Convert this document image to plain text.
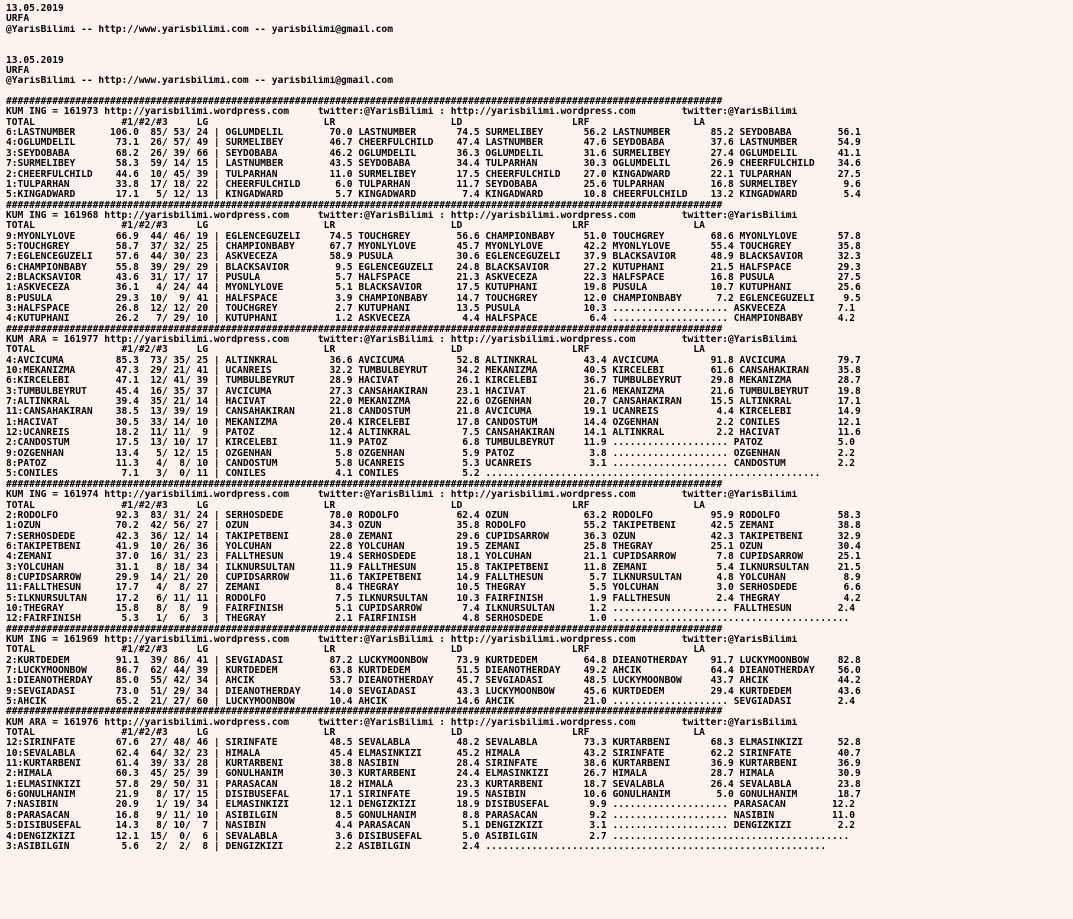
13.05.2019
URFA
@YarisBilimi -- http://www.yarisbilimi.com -- yarisbilimi@gmail.com

13.05.2019
URFA
@YarisBilimi -- http://www.yarisbilimi.com -- yarisbilimi@gmail.com

############################################################################################################################
KUM ING = 161973 http://yarisbilimi.wordpress.com     twitter:@YarisBilimi : http://yarisbilimi.wordpress.com        twitter:@YarisBilimi
TOTAL               #1/#2/#3     LG                    LR                    LD                   LRF                  LA
6:LASTNUMBER      106.0  85/ 53/ 24 | OGLUMDELIL        70.0 LASTNUMBER       74.5 SURMELIBEY       56.2 LASTNUMBER       85.2 SEYDOBABA        56.1
4:OGLUMDELIL       73.1  26/ 57/ 49 | SURMELIBEY        46.7 CHEERFULCHILD    47.4 LASTNUMBER       47.6 SEYDOBABA        37.6 LASTNUMBER       54.9
3:SEYDOBABA        68.2  26/ 39/ 66 | SEYDOBABA         46.2 OGLUMDELIL       36.3 OGLUMDELIL       31.6 SURMELIBEY       27.4 OGLUMDELIL       41.1
7:SURMELIBEY       58.3  59/ 14/ 15 | LASTNUMBER        43.5 SEYDOBABA        34.4 TULPARHAN        30.3 OGLUMDELIL       26.9 CHEERFULCHILD    34.6
2:CHEERFULCHILD    44.6  10/ 45/ 39 | TULPARHAN         11.0 SURMELIBEY       17.5 CHEERFULCHILD    27.0 KINGADWARD       22.1 TULPARHAN        27.5
1:TULPARHAN        33.8  17/ 18/ 22 | CHEERFULCHILD      6.0 TULPARHAN        11.7 SEYDOBABA        25.6 TULPARHAN        16.8 SURMELIBEY        9.6
5:KINGADWARD       17.1   5/ 12/ 13 | KINGADWARD         5.7 KINGADWARD        7.4 KINGADWARD       10.8 CHEERFULCHILD    13.2 KINGADWARD        5.4
############################################################################################################################
KUM ING = 161968 http://yarisbilimi.wordpress.com     twitter:@YarisBilimi : http://yarisbilimi.wordpress.com        twitter:@YarisBilimi
TOTAL               #1/#2/#3     LG                    LR                    LD                   LRF                  LA
9:MYONLYLOVE       66.9  44/ 46/ 19 | EGLENCEGUZELI     74.5 TOUCHGREY        56.6 CHAMPIONBABY     51.0 TOUCHGREY        68.6 MYONLYLOVE       57.8
5:TOUCHGREY        58.7  37/ 32/ 25 | CHAMPIONBABY      67.7 MYONLYLOVE       45.7 MYONLYLOVE       42.2 MYONLYLOVE       55.4 TOUCHGREY        35.8
7:EGLENCEGUZELI    57.6  44/ 30/ 23 | ASKVECEZA         58.9 PUSULA           30.6 EGLENCEGUZELI    37.9 BLACKSAVIOR      48.9 BLACKSAVIOR      32.3
6:CHAMPIONBABY     55.8  39/ 29/ 29 | BLACKSAVIOR        9.5 EGLENCEGUZELI    24.8 BLACKSAVIOR      27.2 KUTUPHANI        21.5 HALFSPACE        29.3
2:BLACKSAVIOR      43.6  31/ 17/ 17 | PUSULA             5.7 HALFSPACE        21.3 ASKVECEZA        22.3 HALFSPACE        16.8 PUSULA           27.5
1:ASKVECEZA        36.1   4/ 24/ 44 | MYONLYLOVE         5.1 BLACKSAVIOR      17.5 KUTUPHANI        19.8 PUSULA           10.7 KUTUPHANI        25.6
8:PUSULA           29.3  10/  9/ 41 | HALFSPACE          3.9 CHAMPIONBABY     14.7 TOUCHGREY        12.0 CHAMPIONBABY      7.2 EGLENCEGUZELI     9.5
3:HALFSPACE        26.8  12/ 12/ 20 | TOUCHGREY          2.7 KUTUPHANI        13.5 PUSULA           10.3 .................... ASKVECEZA         7.1
4:KUTUPHANI        26.2   7/ 29/ 10 | KUTUPHANI          1.2 ASKVECEZA         4.4 HALFSPACE         6.4 .................... CHAMPIONBABY      4.2
############################################################################################################################
KUM ARA = 161977 http://yarisbilimi.wordpress.com     twitter:@YarisBilimi : http://yarisbilimi.wordpress.com        twitter:@YarisBilimi
TOTAL               #1/#2/#3     LG                    LR                    LD                   LRF                  LA
4:AVCICUMA         85.3  73/ 35/ 25 | ALTINKRAL         36.6 AVCICUMA         52.8 ALTINKRAL        43.4 AVCICUMA         91.8 AVCICUMA         79.7
10:MEKANIZMA       47.3  29/ 21/ 41 | UCANREIS          32.2 TUMBULBEYRUT     34.2 MEKANIZMA        40.5 KIRCELEBI        61.6 CANSAHAKIRAN     35.8
6:KIRCELEBI        47.1  12/ 41/ 39 | TUMBULBEYRUT      28.9 HACIVAT          26.1 KIRCELEBI        36.7 TUMBULBEYRUT     29.8 MEKANIZMA        28.7
3:TUMBULBEYRUT     45.4  16/ 35/ 37 | AVCICUMA          27.3 CANSAHAKIRAN     23.1 HACIVAT          21.6 MEKANIZMA        21.6 TUMBULBEYRUT     19.8
7:ALTINKRAL        39.4  35/ 21/ 14 | HACIVAT           22.0 MEKANIZMA        22.6 OZGENHAN         20.7 CANSAHAKIRAN     15.5 ALTINKRAL        17.1
11:CANSAHAKIRAN    38.5  13/ 39/ 19 | CANSAHAKIRAN      21.8 CANDOSTUM        21.8 AVCICUMA         19.1 UCANREIS          4.4 KIRCELEBI        14.9
1:HACIVAT          30.5  33/ 14/ 10 | MEKANIZMA         20.4 KIRCELEBI        17.8 CANDOSTUM        14.4 OZGENHAN          2.2 CONILES          12.1
12:UCANREIS        18.2  11/ 11/  9 | PATOZ             12.4 ALTINKRAL         7.5 CANSAHAKIRAN     14.1 ALTINKRAL         2.2 HACIVAT          11.6
2:CANDOSTUM        17.5  13/ 10/ 17 | KIRCELEBI         11.9 PATOZ             6.8 TUMBULBEYRUT     11.9 .................... PATOZ             5.0
9:OZGENHAN         13.4   5/ 12/ 15 | OZGENHAN           5.8 OZGENHAN          5.9 PATOZ             3.8 .................... OZGENHAN          2.2
8:PATOZ            11.3   4/  8/ 10 | CANDOSTUM          5.8 UCANREIS          5.3 UCANREIS          3.1 .................... CANDOSTUM         2.2
5:CONILES           7.1   3/  0/ 11 | CONILES            4.1 CONILES           5.2 ..........................................................
############################################################################################################################
KUM ING = 161974 http://yarisbilimi.wordpress.com     twitter:@YarisBilimi : http://yarisbilimi.wordpress.com        twitter:@YarisBilimi
TOTAL               #1/#2/#3     LG                    LR                    LD                   LRF                  LA
2:RODOLFO          92.3  83/ 31/ 24 | SERHOSDEDE        78.0 RODOLFO          62.4 OZUN             63.2 RODOLFO          95.9 RODOLFO          58.3
1:OZUN             70.2  42/ 56/ 27 | OZUN              34.3 OZUN             35.8 RODOLFO          55.2 TAKIPETBENI      42.5 ZEMANI           38.8
7:SERHOSDEDE       42.3  36/ 12/ 14 | TAKIPETBENI       28.0 ZEMANI           29.6 CUPIDSARROW      36.3 OZUN             42.3 TAKIPETBENI      32.9
6:TAKIPETBENI      41.9  10/ 26/ 36 | YOLCUHAN          22.8 YOLCUHAN         19.5 ZEMANI           25.8 THEGRAY          25.1 OZUN             30.4
4:ZEMANI           37.0  16/ 31/ 23 | FALLTHESUN        19.4 SERHOSDEDE       18.1 YOLCUHAN         21.1 CUPIDSARROW       7.8 CUPIDSARROW      25.1
3:YOLCUHAN         31.1   8/ 18/ 34 | ILKNURSULTAN      11.9 FALLTHESUN       15.8 TAKIPETBENI      11.8 ZEMANI            5.4 ILKNURSULTAN     21.5
8:CUPIDSARROW      29.9  14/ 21/ 20 | CUPIDSARROW       11.6 TAKIPETBENI      14.9 FALLTHESUN        5.7 ILKNURSULTAN      4.8 YOLCUHAN          8.9
11:FALLTHESUN      17.7   4/  8/ 27 | ZEMANI             8.4 THEGRAY          10.5 THEGRAY           5.5 YOLCUHAN          3.0 SERHOSDEDE        6.6
5:ILKNURSULTAN     17.2   6/ 11/ 11 | RODOLFO            7.5 ILKNURSULTAN     10.3 FAIRFINISH        1.9 FALLTHESUN        2.4 THEGRAY           4.2
10:THEGRAY         15.8   8/  8/  9 | FAIRFINISH         5.1 CUPIDSARROW       7.4 ILKNURSULTAN      1.2 .................... FALLTHESUN        2.4
12:FAIRFINISH       5.3   1/  6/  3 | THEGRAY            2.1 FAIRFINISH        4.8 SERHOSDEDE        1.0 .........................................
############################################################################################################################
KUM ING = 161969 http://yarisbilimi.wordpress.com     twitter:@YarisBilimi : http://yarisbilimi.wordpress.com        twitter:@YarisBilimi
TOTAL               #1/#2/#3     LG                    LR                    LD                   LRF                  LA
2:KURTDEDEM        91.1  39/ 86/ 41 | SEVGIADASI        87.2 LUCKYMOONBOW     73.9 KURTDEDEM        64.8 DIEANOTHERDAY    91.7 LUCKYMOONBOW     82.8
7:LUCKYMOONBOW     86.7  62/ 44/ 39 | KURTDEDEM         63.8 KURTDEDEM        51.5 DIEANOTHERDAY    49.2 AHCIK            64.4 DIEANOTHERDAY    56.0
1:DIEANOTHERDAY    85.0  55/ 42/ 34 | AHCIK             53.7 DIEANOTHERDAY    45.7 SEVGIADASI       48.5 LUCKYMOONBOW     43.7 AHCIK            44.2
9:SEVGIADASI       73.0  51/ 29/ 34 | DIEANOTHERDAY     14.0 SEVGIADASI       43.3 LUCKYMOONBOW     45.6 KURTDEDEM        29.4 KURTDEDEM        43.6
5:AHCIK            65.2  21/ 27/ 60 | LUCKYMOONBOW      10.4 AHCIK            14.6 AHCIK            21.0 .................... SEVGIADASI        2.4
############################################################################################################################
KUM ARA = 161976 http://yarisbilimi.wordpress.com     twitter:@YarisBilimi : http://yarisbilimi.wordpress.com        twitter:@YarisBilimi
TOTAL               #1/#2/#3     LG                    LR                    LD                   LRF                  LA
12:SIRINFATE       67.6  27/ 48/ 46 | SIRINFATE         48.5 SEVALABLA        48.2 SEVALABLA        73.3 KURTARBENI       68.3 ELMASINKIZI      52.8
10:SEVALABLA       62.4  64/ 32/ 23 | HIMALA            45.4 ELMASINKIZI      45.2 HIMALA           43.2 SIRINFATE        62.2 SIRINFATE        40.7
11:KURTARBENI      61.4  39/ 33/ 28 | KURTARBENI        38.8 NASIBIN          28.4 SIRINFATE        38.6 KURTARBENI       36.9 KURTARBENI       36.9
2:HIMALA           60.3  45/ 25/ 39 | GONULHANIM        30.3 KURTARBENI       24.4 ELMASINKIZI      26.7 HIMALA           28.7 HIMALA           30.9
1:ELMASINKIZI      57.8  29/ 50/ 31 | PARASACAN         18.2 HIMALA           23.3 KURTARBENI       18.7 SEVALABLA        26.4 SEVALABLA        23.8
6:GONULHANIM       21.9   8/ 17/ 15 | DISIBUSEFAL       17.1 SIRINFATE        19.5 NASIBIN          10.6 GONULHANIM        5.0 GONULHANIM       18.7
7:NASIBIN          20.9   1/ 19/ 34 | ELMASINKIZI       12.1 DENGIZKIZI       18.9 DISIBUSEFAL       9.9 .................... PARASACAN        12.2
8:PARASACAN        16.8   9/ 11/ 10 | ASIBILGIN          8.5 GONULHANIM        8.8 PARASACAN         9.2 .................... NASIBIN          11.0
5:DISIBUSEFAL      14.3   8/ 10/  7 | NASIBIN            4.4 PARASACAN         5.1 DENGIZKIZI        3.1 .................... DENGIZKIZI        2.2
4:DENGIZKIZI       12.1  15/  0/  6 | SEVALABLA          3.6 DISIBUSEFAL       5.0 ASIBILGIN         2.7 .........................................
3:ASIBILGIN         5.6   2/  2/  8 | DENGIZKIZI         2.2 ASIBILGIN         2.4 ...........................................................
